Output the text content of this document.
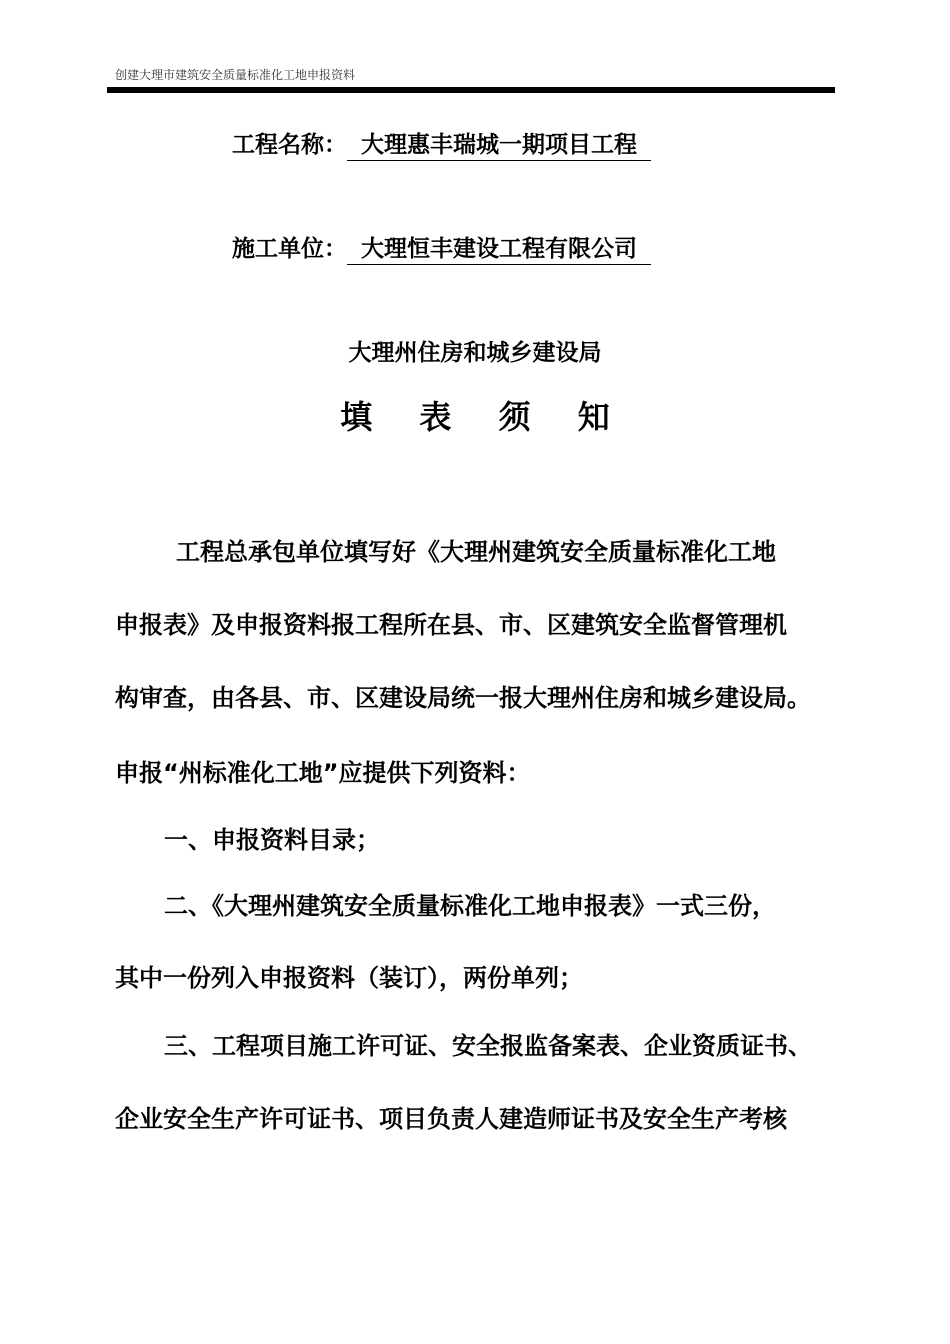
创建大理市建筑安全质量标准化工地申报资料
工程名称： 大理惠丰瑞城一期项目工程
施工单位： 大理恒丰建设工程有限公司
大理州住房和城乡建设局
填 表 须 知
工程总承包单位填写好《大理州建筑安全质量标准化工地
申报表》及申报资料报工程所在县、市、区建筑安全监督管理机
构审查，由各县、市、区建设局统一报大理州住房和城乡建设局。
申报“州标准化工地”应提供下列资料：
一、申报资料目录；
二、《大理州建筑安全质量标准化工地申报表》一式三份，
其中一份列入申报资料（装订），两份单列；
三、工程项目施工许可证、安全报监备案表、企业资质证书、
企业安全生产许可证书、项目负责人建造师证书及安全生产考核
